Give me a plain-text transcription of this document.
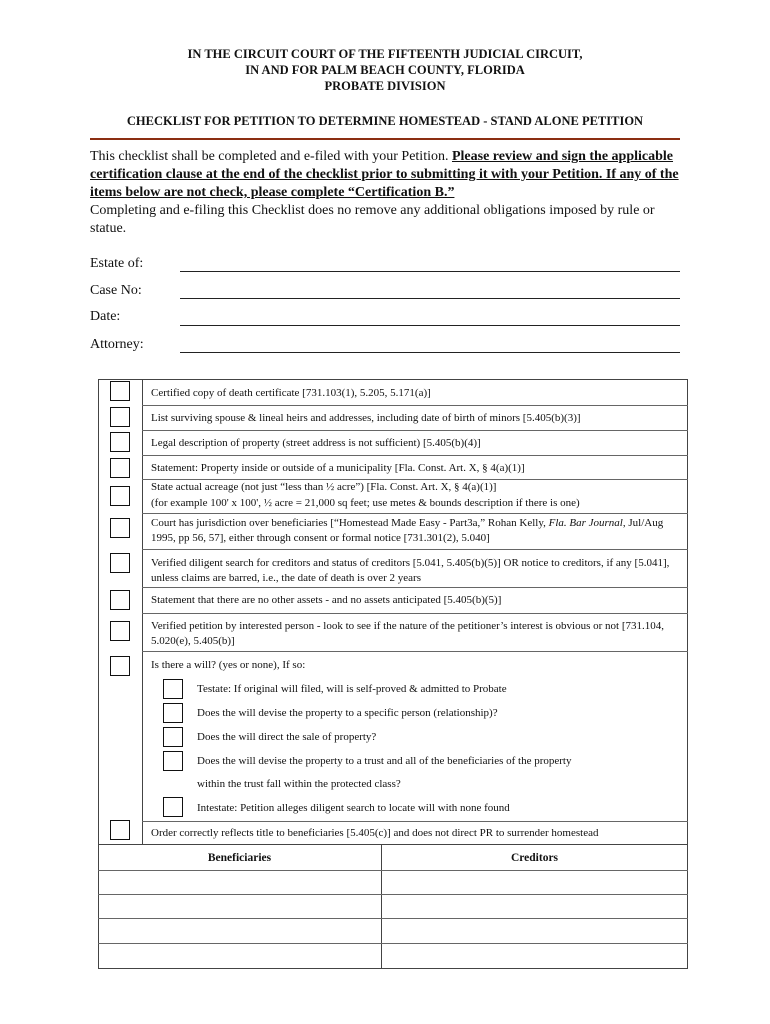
IN THE CIRCUIT COURT OF THE FIFTEENTH JUDICIAL CIRCUIT,
IN AND FOR PALM BEACH COUNTY, FLORIDA
PROBATE DIVISION
CHECKLIST FOR PETITION TO DETERMINE HOMESTEAD - STAND ALONE PETITION
This checklist shall be completed and e-filed with your Petition. Please review and sign the applicable certification clause at the end of the checklist prior to submitting it with your Petition. If any of the items below are not check, please complete “Certification B.”
Completing and e-filing this Checklist does no remove any additional obligations imposed by rule or statue.
Estate of:
Case No:
Date:
Attorney:
Certified copy of death certificate [731.103(1), 5.205, 5.171(a)]
List surviving spouse & lineal heirs and addresses, including date of birth of minors [5.405(b)(3)]
Legal description of property (street address is not sufficient) [5.405(b)(4)]
Statement: Property inside or outside of a municipality [Fla. Const. Art. X, § 4(a)(1)]
State actual acreage (not just “less than ½ acre”) [Fla. Const. Art. X, § 4(a)(1)]
(for example 100' x 100', ½ acre = 21,000 sq feet; use metes & bounds description if there is one)
Court has jurisdiction over beneficiaries [“Homestead Made Easy - Part3a,” Rohan Kelly, Fla. Bar Journal, Jul/Aug 1995, pp 56, 57], either through consent or formal notice [731.301(2), 5.040]
Verified diligent search for creditors and status of creditors [5.041, 5.405(b)(5)] OR notice to creditors, if any [5.041], unless claims are barred, i.e., the date of death is over 2 years
Statement that there are no other assets - and no assets anticipated [5.405(b)(5)]
Verified petition by interested person - look to see if the nature of the petitioner’s interest is obvious or not [731.104, 5.020(e), 5.405(b)]
Is there a will? (yes or none), If so:
Order correctly reflects title to beneficiaries [5.405(c)] and does not direct PR to surrender homestead
Testate: If original will filed, will is self-proved & admitted to Probate
Does the will devise the property to a specific person (relationship)?
Does the will direct the sale of property?
Does the will devise the property to a trust and all of the beneficiaries of the property
within the trust fall within the protected class?
Intestate: Petition alleges diligent search to locate will with none found
Beneficiaries	Creditors
